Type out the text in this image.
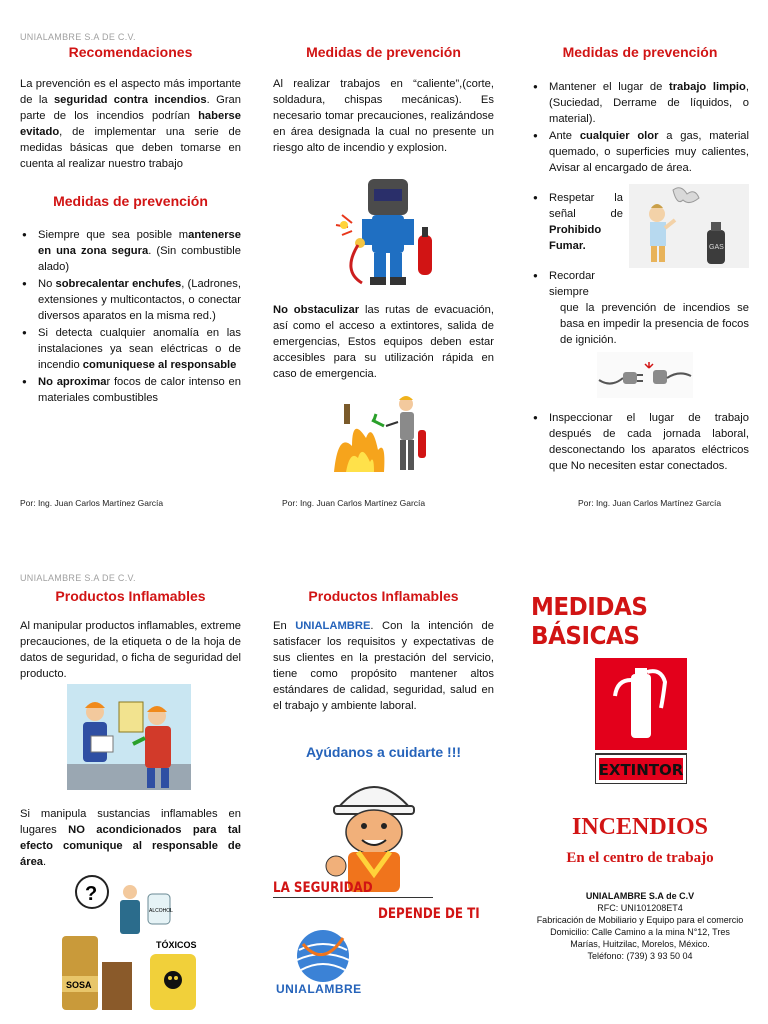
UNIALAMBRE S.A DE C.V.
Recomendaciones

La prevención es el aspecto más importante de la seguridad contra incendios. Gran parte de los incendios podrían haberse evitado, de implementar una serie de medidas básicas que deben tomarse en cuenta al realizar nuestro trabajo

Medidas de prevención
● Siempre que sea posible mantenerse en una zona segura. (Sin combustible alado)
● No sobrecalentar enchufes, (Ladrones, extensiones y multicontactos, o conectar diversos aparatos en la misma red.)
● Si detecta cualquier anomalía en las instalaciones ya sean eléctricas o de incendio comuniquese al responsable
● No aproximar focos de calor intenso en materiales combustibles
Por: Ing. Juan Carlos Martínez García
Medidas de prevención

Al realizar trabajos en “caliente”,(corte, soldadura, chispas mecánicas). Es necesario tomar precauciones, realizándose en área designada la cual no presente un riesgo alto de incendio y explosion.

No obstaculizar las rutas de evacuación, así como el acceso a extintores, salida de emergencias, Estos equipos deben estar accesibles para su utilización rápida en caso de emergencia.

Por: Ing. Juan Carlos Martínez García
Medidas de prevención
● Mantener el lugar de trabajo limpio, (Suciedad, Derrame de líquidos, o material).
● Ante cualquier olor a gas, material quemado, o superficies muy calientes, Avisar al encargado de área.
● Respetar la señal de Prohibido Fumar.
● Recordar siempre

que la prevención de incendios se basa en impedir la presencia de focos de ignición.

GAS
● Inspeccionar el lugar de trabajo después de cada jornada laboral, desconectando los aparatos eléctricos que No necesiten estar conectados.
Por: Ing. Juan Carlos Martínez García
UNIALAMBRE S.A DE C.V.
Productos Inflamables

Al manipular productos inflamables, extreme precauciones, de la etiqueta o de la hoja de datos de seguridad, o ficha de seguridad del producto.

Si manipula sustancias inflamables en lugares NO acondicionados para tal efecto comunique al responsable de área.

?
ALCOHOL
SOSA
TÓXICOS
Productos Inflamables

En UNIALAMBRE. Con la intención de satisfacer los requisitos y expectativas de sus clientes en la prestación del servicio, tiene como propósito mantener altos estándares de calidad, seguridad, salud en el trabajo y ambiente laboral.

Ayúdanos a cuidarte !!!
LA SEGURIDAD
DEPENDE DE TI
UNIALAMBRE
MEDIDAS BÁSICAS
EXTINTOR
INCENDIOS
En el centro de trabajo
UNIALAMBRE S.A de C.V
RFC: UNI101208ET4
Fabricación de Mobiliario y Equipo para el comercio
Domicilio: Calle Camino a la mina N°12, Tres Marías, Huitzilac, Morelos, México.
Teléfono: (739) 3 93 50 04
